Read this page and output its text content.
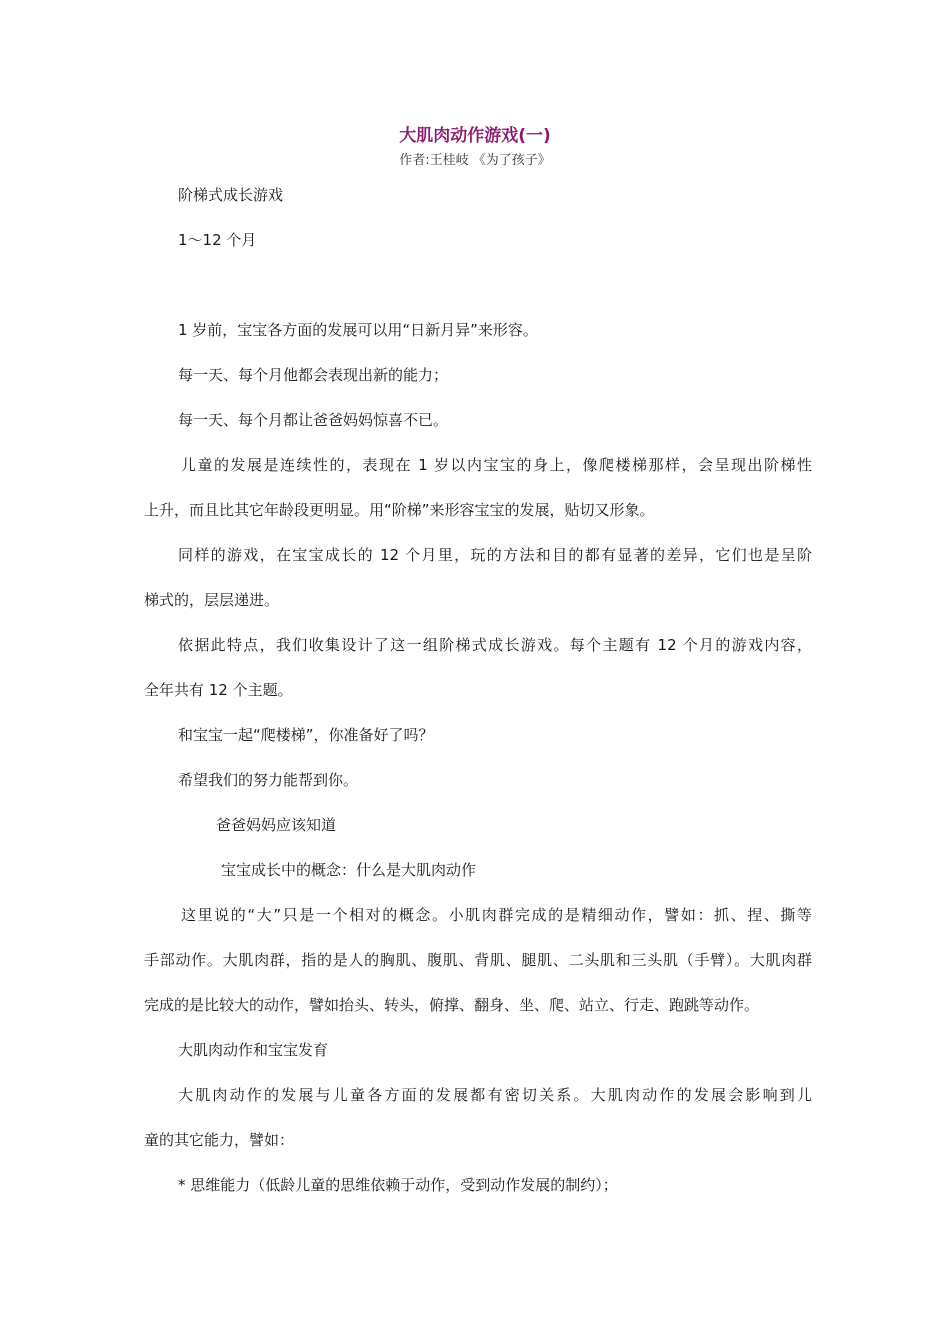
大肌肉动作游戏(一)
作者:王桂岐 《为了孩子》
阶梯式成长游戏
1～12 个月
1 岁前，宝宝各方面的发展可以用“日新月异”来形容。
每一天、每个月他都会表现出新的能力；
每一天、每个月都让爸爸妈妈惊喜不已。
儿童的发展是连续性的，表现在 1 岁以内宝宝的身上，像爬楼梯那样，会呈现出阶梯性
上升，而且比其它年龄段更明显。用“阶梯”来形容宝宝的发展，贴切又形象。
同样的游戏，在宝宝成长的 12 个月里，玩的方法和目的都有显著的差异，它们也是呈阶
梯式的，层层递进。
依据此特点，我们收集设计了这一组阶梯式成长游戏。每个主题有 12 个月的游戏内容，
全年共有 12 个主题。
和宝宝一起“爬楼梯”，你准备好了吗？
希望我们的努力能帮到你。
爸爸妈妈应该知道
宝宝成长中的概念：什么是大肌肉动作
这里说的“大”只是一个相对的概念。小肌肉群完成的是精细动作，譬如：抓、捏、撕等
手部动作。大肌肉群，指的是人的胸肌、腹肌、背肌、腿肌、二头肌和三头肌（手臂）。大肌肉群
完成的是比较大的动作，譬如抬头、转头，俯撑、翻身、坐、爬、站立、行走、跑跳等动作。
大肌肉动作和宝宝发育
大肌肉动作的发展与儿童各方面的发展都有密切关系。大肌肉动作的发展会影响到儿
童的其它能力，譬如：
* 思维能力（低龄儿童的思维依赖于动作，受到动作发展的制约）；
